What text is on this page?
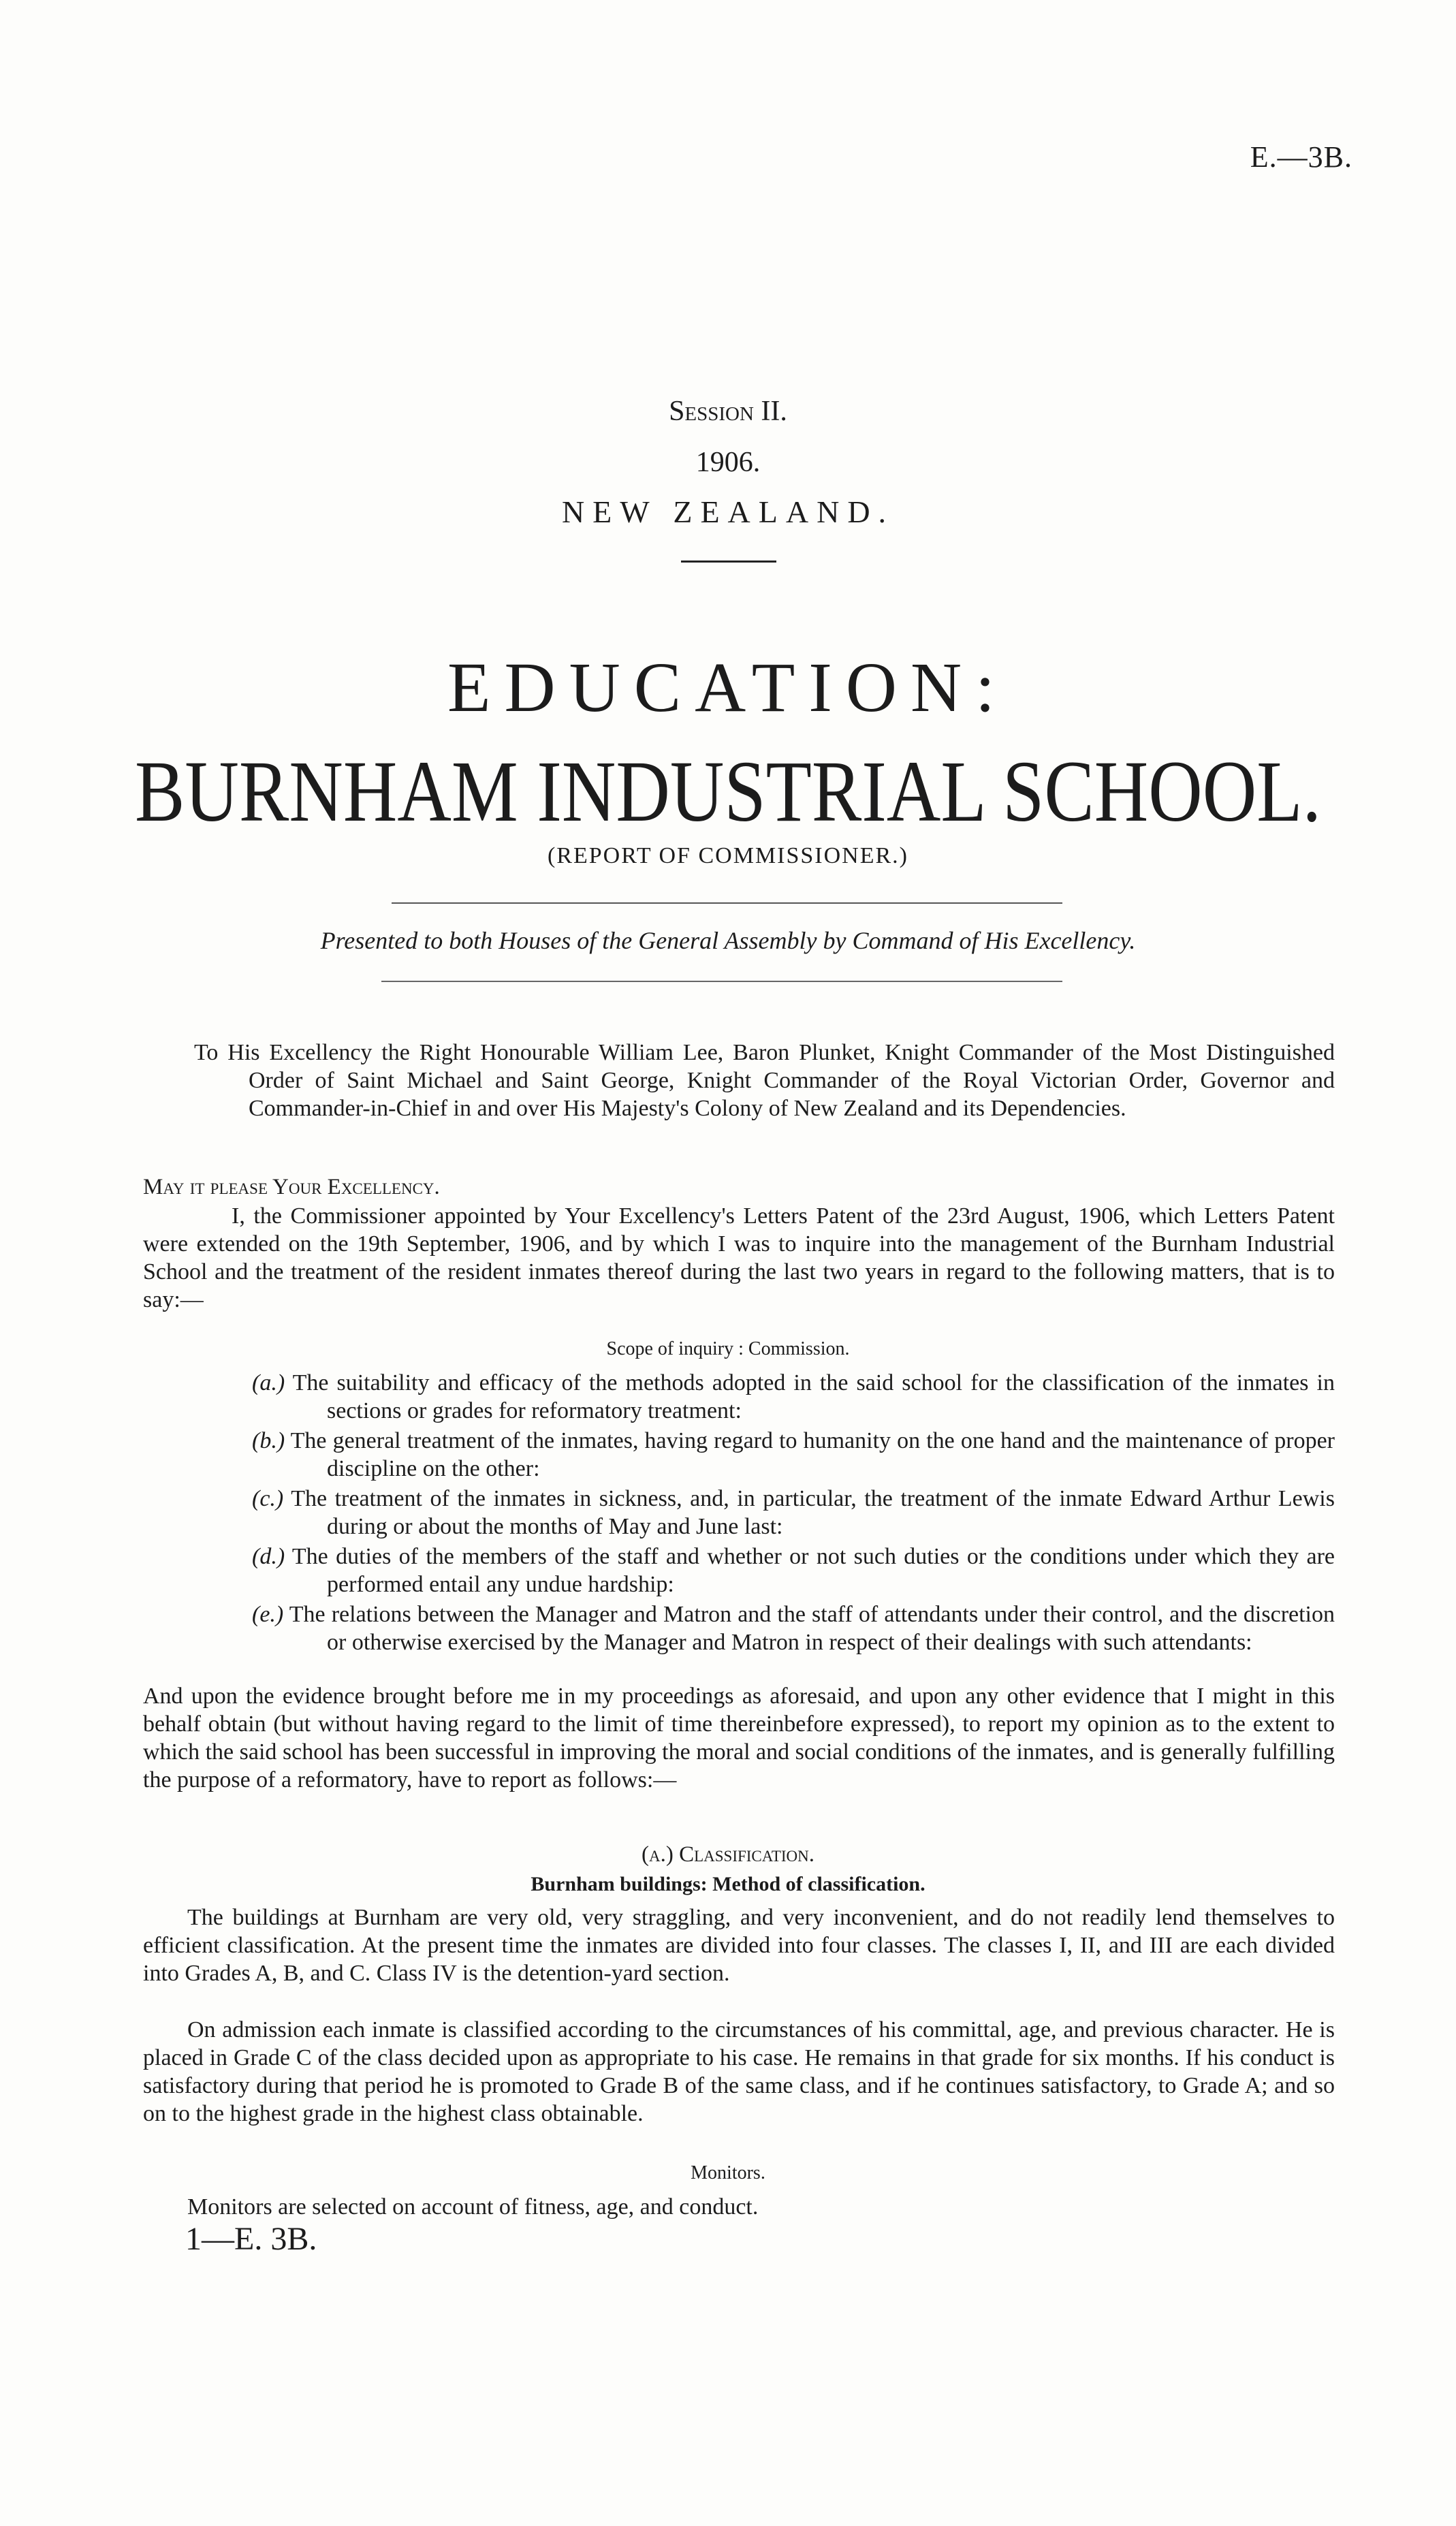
E.—3B.
Session II.
1906.
NEW ZEALAND.
EDUCATION:
BURNHAM INDUSTRIAL SCHOOL.
(REPORT OF COMMISSIONER.)
Presented to both Houses of the General Assembly by Command of His Excellency.
To His Excellency the Right Honourable William Lee, Baron Plunket, Knight Commander of the Most Distinguished Order of Saint Michael and Saint George, Knight Commander of the Royal Victorian Order, Governor and Commander-in-Chief in and over His Majesty's Colony of New Zealand and its Dependencies.
May it please Your Excellency.
I, the Commissioner appointed by Your Excellency's Letters Patent of the 23rd August, 1906, which Letters Patent were extended on the 19th September, 1906, and by which I was to inquire into the management of the Burnham Industrial School and the treatment of the resident inmates thereof during the last two years in regard to the following matters, that is to say:—
Scope of inquiry : Commission.
(a.) The suitability and efficacy of the methods adopted in the said school for the classification of the inmates in sections or grades for reformatory treatment:
(b.) The general treatment of the inmates, having regard to humanity on the one hand and the maintenance of proper discipline on the other:
(c.) The treatment of the inmates in sickness, and, in particular, the treatment of the inmate Edward Arthur Lewis during or about the months of May and June last:
(d.) The duties of the members of the staff and whether or not such duties or the conditions under which they are performed entail any undue hardship:
(e.) The relations between the Manager and Matron and the staff of attendants under their control, and the discretion or otherwise exercised by the Manager and Matron in respect of their dealings with such attendants:
And upon the evidence brought before me in my proceedings as aforesaid, and upon any other evidence that I might in this behalf obtain (but without having regard to the limit of time thereinbefore expressed), to report my opinion as to the extent to which the said school has been successful in improving the moral and social conditions of the inmates, and is generally fulfilling the purpose of a reformatory, have to report as follows:—
(a.) Classification.
Burnham buildings: Method of classification.
The buildings at Burnham are very old, very straggling, and very inconvenient, and do not readily lend themselves to efficient classification. At the present time the inmates are divided into four classes. The classes I, II, and III are each divided into Grades A, B, and C. Class IV is the detention-yard section.
On admission each inmate is classified according to the circumstances of his committal, age, and previous character. He is placed in Grade C of the class decided upon as appropriate to his case. He remains in that grade for six months. If his conduct is satisfactory during that period he is promoted to Grade B of the same class, and if he continues satisfactory, to Grade A; and so on to the highest grade in the highest class obtainable.
Monitors.
Monitors are selected on account of fitness, age, and conduct.
1—E. 3B.
